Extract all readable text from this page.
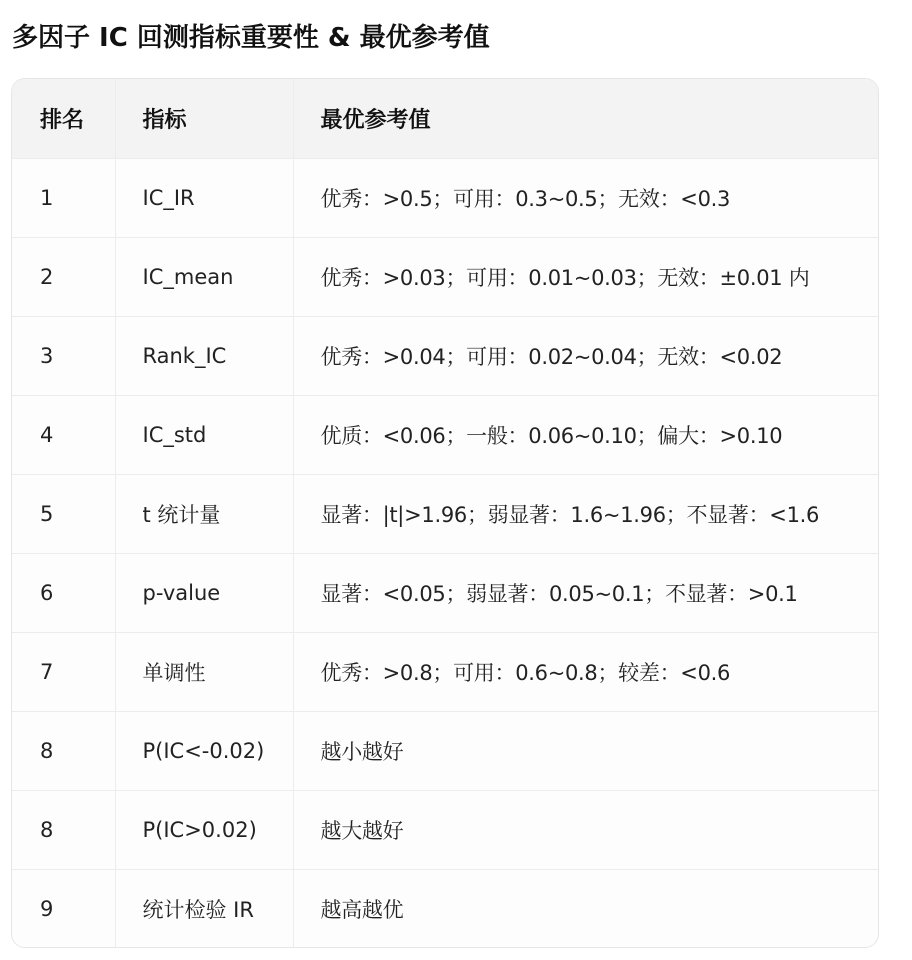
多因子 IC 回测指标重要性 & 最优参考值
排名	指标	最优参考值
1	IC_IR	优秀：>0.5；可用：0.3~0.5；无效：<0.3
2	IC_mean	优秀：>0.03；可用：0.01~0.03；无效：±0.01 内
3	Rank_IC	优秀：>0.04；可用：0.02~0.04；无效：<0.02
4	IC_std	优质：<0.06；一般：0.06~0.10；偏大：>0.10
5	t 统计量	显著：|t|>1.96；弱显著：1.6~1.96；不显著：<1.6
6	p-value	显著：<0.05；弱显著：0.05~0.1；不显著：>0.1
7	单调性	优秀：>0.8；可用：0.6~0.8；较差：<0.6
8	P(IC<-0.02)	越小越好
8	P(IC>0.02)	越大越好
9	统计检验 IR	越高越优
